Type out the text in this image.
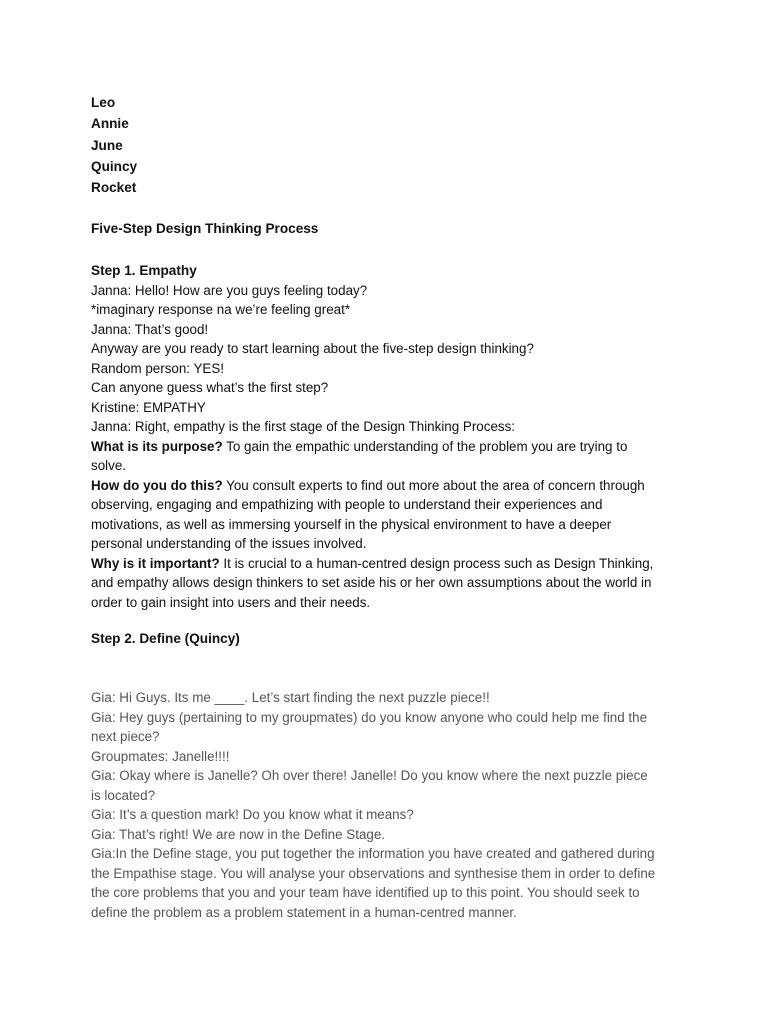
Leo
Annie
June
Quincy
Rocket
Five-Step Design Thinking Process
Step 1. Empathy
Janna: Hello! How are you guys feeling today?
*imaginary response na we’re feeling great*
Janna: That’s good!
Anyway are you ready to start learning about the five-step design thinking?
Random person: YES!
Can anyone guess what’s the first step?
Kristine: EMPATHY
Janna: Right, empathy is the first stage of the Design Thinking Process:
What is its purpose? To gain the empathic understanding of the problem you are trying to
solve.
How do you do this? You consult experts to find out more about the area of concern through
observing, engaging and empathizing with people to understand their experiences and
motivations, as well as immersing yourself in the physical environment to have a deeper
personal understanding of the issues involved.
Why is it important? It is crucial to a human-centred design process such as Design Thinking,
and empathy allows design thinkers to set aside his or her own assumptions about the world in
order to gain insight into users and their needs.
Step 2. Define (Quincy)
Gia: Hi Guys. Its me ____. Let’s start finding the next puzzle piece!!
Gia: Hey guys (pertaining to my groupmates) do you know anyone who could help me find the
next piece?
Groupmates: Janelle!!!!
Gia: Okay where is Janelle? Oh over there! Janelle! Do you know where the next puzzle piece
is located?
Gia: It’s a question mark! Do you know what it means?
Gia: That’s right! We are now in the Define Stage.
Gia:In the Define stage, you put together the information you have created and gathered during
the Empathise stage. You will analyse your observations and synthesise them in order to define
the core problems that you and your team have identified up to this point. You should seek to
define the problem as a problem statement in a human-centred manner.
